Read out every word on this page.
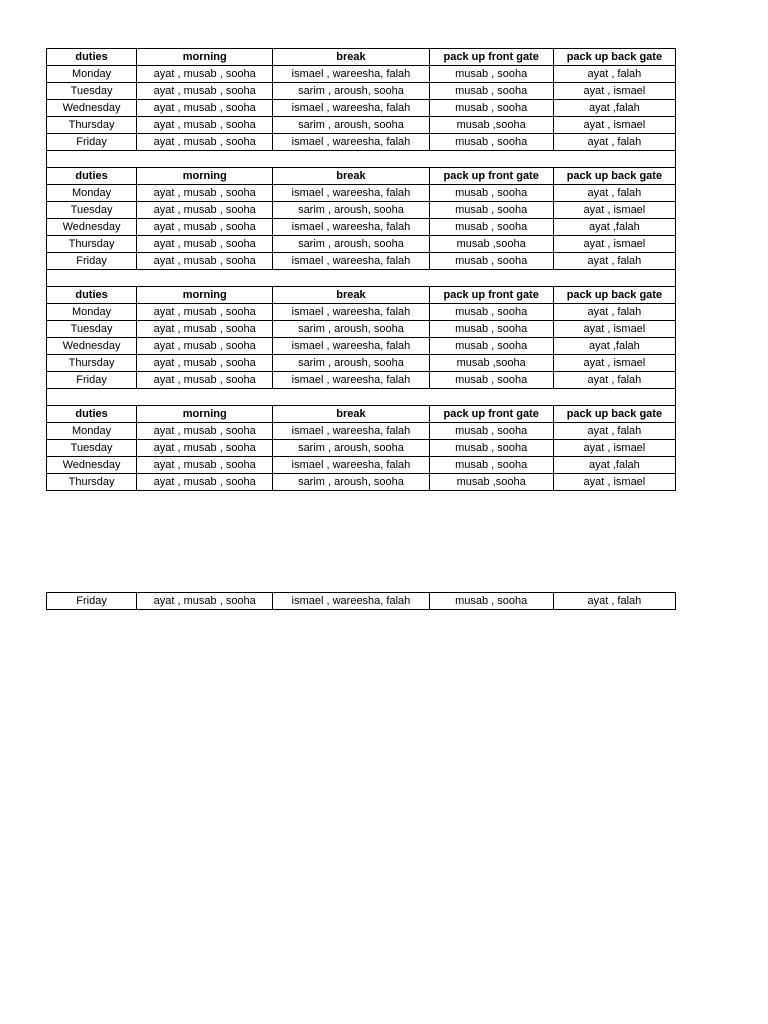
duties	morning	break	pack up front gate	pack up back gate
Monday	ayat , musab , sooha	ismael , wareesha, falah	musab , sooha	ayat , falah
Tuesday	ayat , musab , sooha	sarim , aroush, sooha	musab , sooha	ayat , ismael
Wednesday	ayat , musab , sooha	ismael , wareesha, falah	musab , sooha	ayat ,falah
Thursday	ayat , musab , sooha	sarim , aroush, sooha	musab ,sooha	ayat , ismael
Friday	ayat , musab , sooha	ismael , wareesha, falah	musab , sooha	ayat , falah

duties	morning	break	pack up front gate	pack up back gate
Monday	ayat , musab , sooha	ismael , wareesha, falah	musab , sooha	ayat , falah
Tuesday	ayat , musab , sooha	sarim , aroush, sooha	musab , sooha	ayat , ismael
Wednesday	ayat , musab , sooha	ismael , wareesha, falah	musab , sooha	ayat ,falah
Thursday	ayat , musab , sooha	sarim , aroush, sooha	musab ,sooha	ayat , ismael
Friday	ayat , musab , sooha	ismael , wareesha, falah	musab , sooha	ayat , falah

duties	morning	break	pack up front gate	pack up back gate
Monday	ayat , musab , sooha	ismael , wareesha, falah	musab , sooha	ayat , falah
Tuesday	ayat , musab , sooha	sarim , aroush, sooha	musab , sooha	ayat , ismael
Wednesday	ayat , musab , sooha	ismael , wareesha, falah	musab , sooha	ayat ,falah
Thursday	ayat , musab , sooha	sarim , aroush, sooha	musab ,sooha	ayat , ismael
Friday	ayat , musab , sooha	ismael , wareesha, falah	musab , sooha	ayat , falah

duties	morning	break	pack up front gate	pack up back gate
Monday	ayat , musab , sooha	ismael , wareesha, falah	musab , sooha	ayat , falah
Tuesday	ayat , musab , sooha	sarim , aroush, sooha	musab , sooha	ayat , ismael
Wednesday	ayat , musab , sooha	ismael , wareesha, falah	musab , sooha	ayat ,falah
Thursday	ayat , musab , sooha	sarim , aroush, sooha	musab ,sooha	ayat , ismael
Friday	ayat , musab , sooha	ismael , wareesha, falah	musab , sooha	ayat , falah
